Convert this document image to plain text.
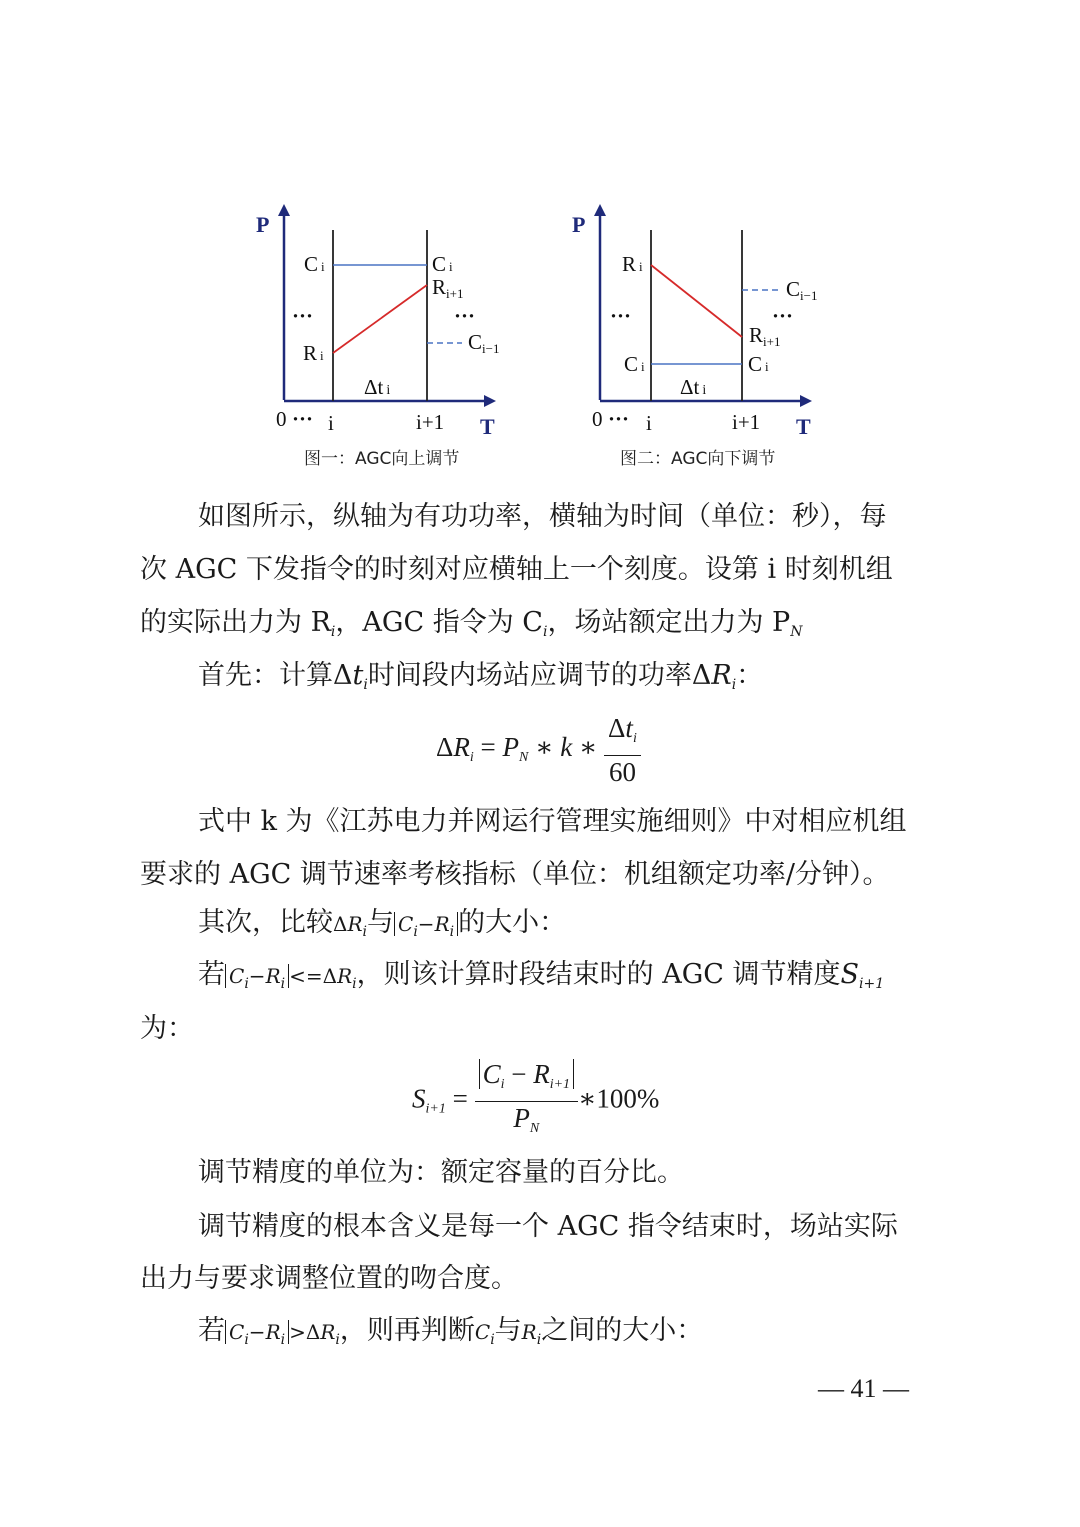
P
T
Ci	Ci
Ri+1
···	···
Ci−1
Ri
Δt i
0 ··· i	i+1
图一：AGC向上调节
P
T
Ri
Ci−1
···	···
Ri+1
Ci	Ci
Δt i
0 ··· i	i+1
图二：AGC向下调节
如图所示，纵轴为有功功率，横轴为时间（单位：秒），每
次 AGC 下发指令的时刻对应横轴上一个刻度。设第 i 时刻机组
的实际出力为 $R_i$，AGC 指令为 $C_i$，场站额定出力为 $P_N$
首先：计算$\Delta t_i$时间段内场站应调节的功率$\Delta R_i$：
$\Delta R_i = P_N$ ∗ k ∗ $\frac{\Delta t_i}{60}$
式中 k 为《江苏电力并网运行管理实施细则》中对相应机组
要求的 AGC 调节速率考核指标（单位：机组额定功率/分钟）。
其次，比较$\Delta R_i$与 $C_i-R_i$ 的大小：
若 $C_i-R_i <=\Delta R_i$，则该计算时段结束时的 AGC 调节精度$S_{i+1}$
为：
$S_{i+1} = \frac{C_i - R_{i+1}}{P_N}$ ∗100%
调节精度的单位为：额定容量的百分比。
调节精度的根本含义是每一个 AGC 指令结束时，场站实际
出力与要求调整位置的吻合度。
若 $C_i-R_i >\Delta R_i$，则再判断$C_i$与$R_i$之间的大小：
— 41 —
